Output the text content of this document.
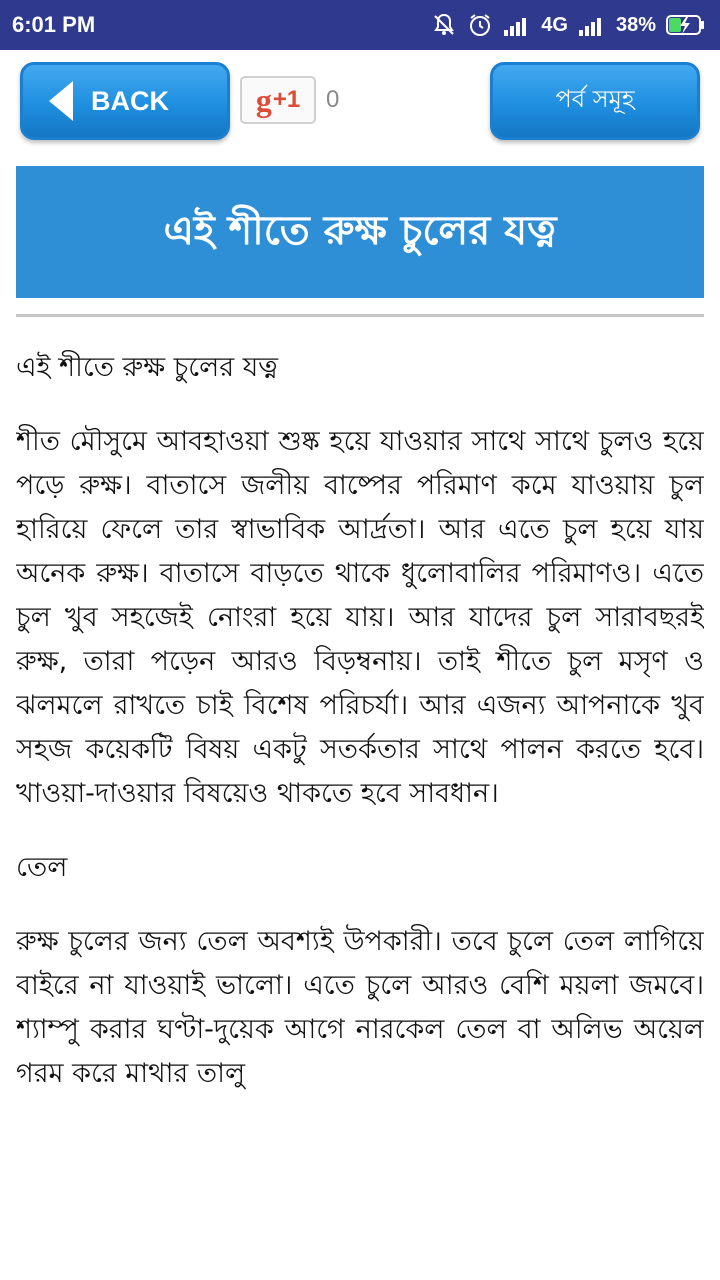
6:01 PM	4G 38%
BACK	g +1 0	পর্ব সমূহ
এই শীতে রুক্ষ চুলের যত্ন

এই শীতে রুক্ষ চুলের যত্ন

শীত মৌসুমে আবহাওয়া শুষ্ক হয়ে যাওয়ার সাথে সাথে চুলও হয়ে পড়ে রুক্ষ। বাতাসে জলীয় বাষ্পের পরিমাণ কমে যাওয়ায় চুল হারিয়ে ফেলে তার স্বাভাবিক আর্দ্রতা। আর এতে চুল হয়ে যায় অনেক রুক্ষ। বাতাসে বাড়তে থাকে ধুলোবালির পরিমাণও। এতে চুল খুব সহজেই নোংরা হয়ে যায়। আর যাদের চুল সারাবছরই রুক্ষ, তারা পড়েন আরও বিড়ম্বনায়। তাই শীতে চুল মসৃণ ও ঝলমলে রাখতে চাই বিশেষ পরিচর্যা। আর এজন্য আপনাকে খুব সহজ কয়েকটি বিষয় একটু সতর্কতার সাথে পালন করতে হবে। খাওয়া-দাওয়ার বিষয়েও থাকতে হবে সাবধান।

তেল

রুক্ষ চুলের জন্য তেল অবশ্যই উপকারী। তবে চুলে তেল লাগিয়ে বাইরে না যাওয়াই ভালো। এতে চুলে আরও বেশি ময়লা জমবে। শ্যাম্পু করার ঘণ্টা-দুয়েক আগে নারকেল তেল বা অলিভ অয়েল গরম করে মাথার তালু
